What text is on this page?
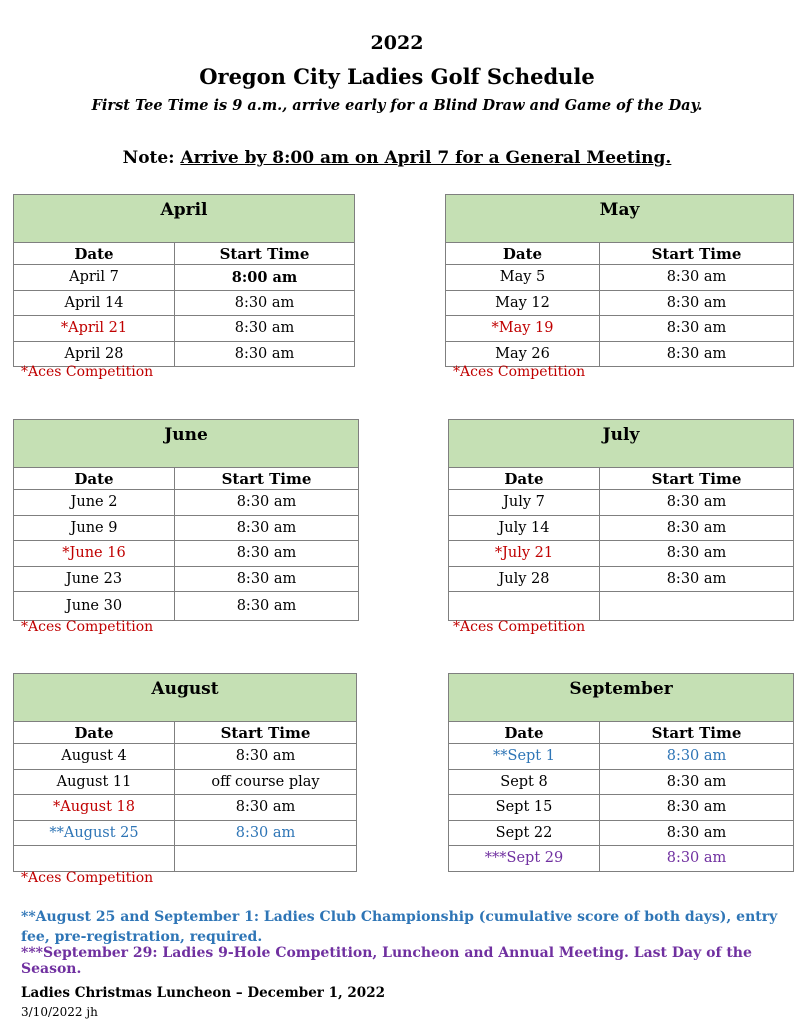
2022
Oregon City Ladies Golf Schedule
First Tee Time is 9 a.m., arrive early for a Blind Draw and Game of the Day.
Note: Arrive by 8:00 am on April 7 for a General Meeting.
April	
Date	Start Time
April 7	8:00 am
April 14	8:30 am
*April 21	8:30 am
April 28	8:30 am
*Aces Competition
May	
Date	Start Time
May 5	8:30 am
May 12	8:30 am
*May 19	8:30 am
May 26	8:30 am
*Aces Competition
June	
Date	Start Time
June 2	8:30 am
June 9	8:30 am
*June 16	8:30 am
June 23	8:30 am
June 30	8:30 am
*Aces Competition
July	
Date	Start Time
July 7	8:30 am
July 14	8:30 am
*July 21	8:30 am
July 28	8:30 am

*Aces Competition
August	
Date	Start Time
August 4	8:30 am
August 11	off course play
*August 18	8:30 am
**August 25	8:30 am

*Aces Competition
September	
Date	Start Time
**Sept 1	8:30 am
Sept 8	8:30 am
Sept 15	8:30 am
Sept 22	8:30 am
***Sept 29	8:30 am
**August 25 and September 1: Ladies Club Championship (cumulative score of both days), entry fee, pre-registration, required.
***September 29: Ladies 9-Hole Competition, Luncheon and Annual Meeting. Last Day of the Season.
Ladies Christmas Luncheon – December 1, 2022
3/10/2022 jh
